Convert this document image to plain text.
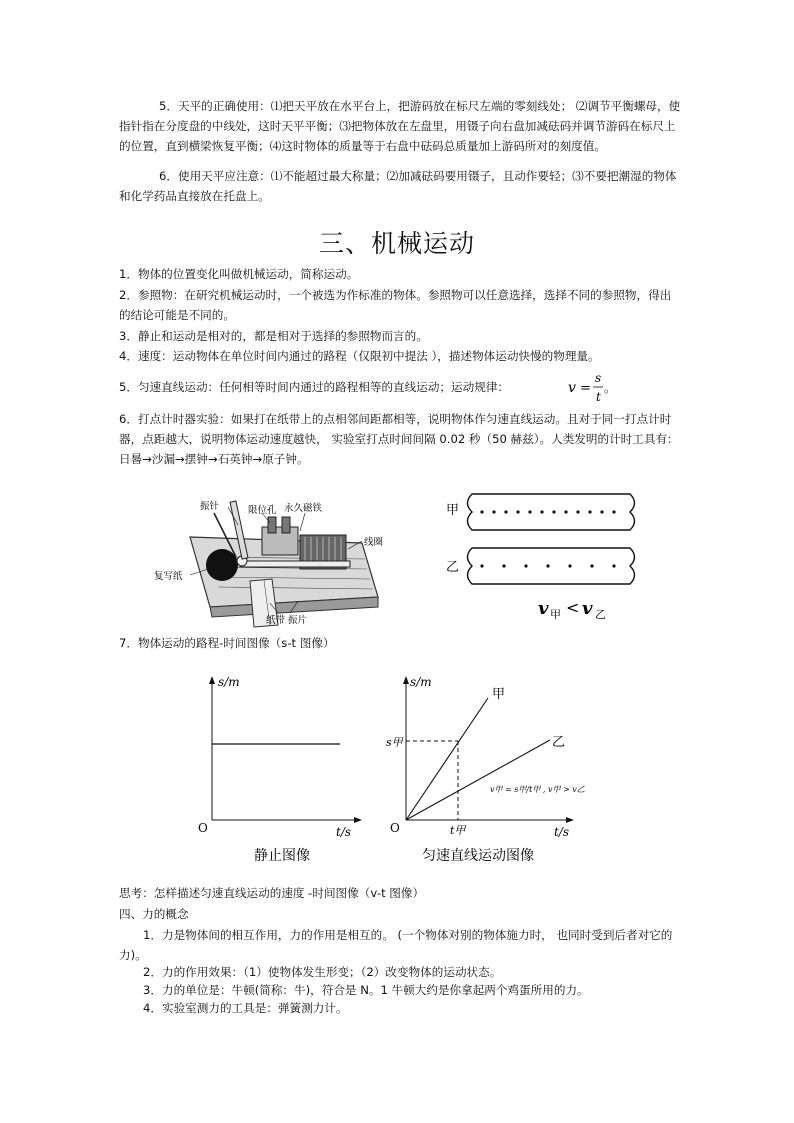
5．天平的正确使用：⑴把天平放在水平台上，把游码放在标尺左端的零刻线处； ⑵调节平衡螺母，使指针指在分度盘的中线处，这时天平平衡；⑶把物体放在左盘里，用镊子向右盘加减砝码并调节游码在标尺上的位置，直到横梁恢复平衡；⑷这时物体的质量等于右盘中砝码总质量加上游码所对的刻度值。

6．使用天平应注意：⑴不能超过最大称量；⑵加减砝码要用镊子，且动作要轻；⑶不要把潮湿的物体和化学药品直接放在托盘上。

三、机械运动

1．物体的位置变化叫做机械运动，简称运动。

2．参照物：在研究机械运动时，一个被选为作标准的物体。参照物可以任意选择，选择不同的参照物，得出的结论可能是不同的。

3．静止和运动是相对的，都是相对于选择的参照物而言的。

4．速度：运动物体在单位时间内通过的路程（仅限初中提法 ），描述物体运动快慢的物理量。

5．匀速直线运动：任何相等时间内通过的路程相等的直线运动；运动规律：	v =
s
t
。

6．打点计时器实验：如果打在纸带上的点相邻间距都相等，说明物体作匀速直线运动。且对于同一打点计时器，点距越大，说明物体运动速度越快， 实验室打点时间间隔 0.02 秒（50 赫兹）。人类发明的计时工具有：日晷→沙漏→摆钟→石英钟→原子钟。

振针	限位孔 永久磁铁
线圈
复写纸
纸带 振片
甲
乙
v 甲 < v 乙

7．物体运动的路程-时间图像（s-t 图像）

s/m
O	t/s
静止图像
s/m
甲
乙
s甲
t甲
v甲 = s甲/t甲 , v甲 > v乙
O	t/s
匀速直线运动图像

思考：怎样描述匀速直线运动的速度 -时间图像（v-t 图像）

四、力的概念

1．力是物体间的相互作用，力的作用是相互的。 (一个物体对别的物体施力时， 也同时受到后者对它的力)。

2．力的作用效果：（1）使物体发生形变；（2）改变物体的运动状态。

3．力的单位是：牛顿(简称：牛)，符合是 N。1 牛顿大约是你拿起两个鸡蛋所用的力。

4．实验室测力的工具是：弹簧测力计。
